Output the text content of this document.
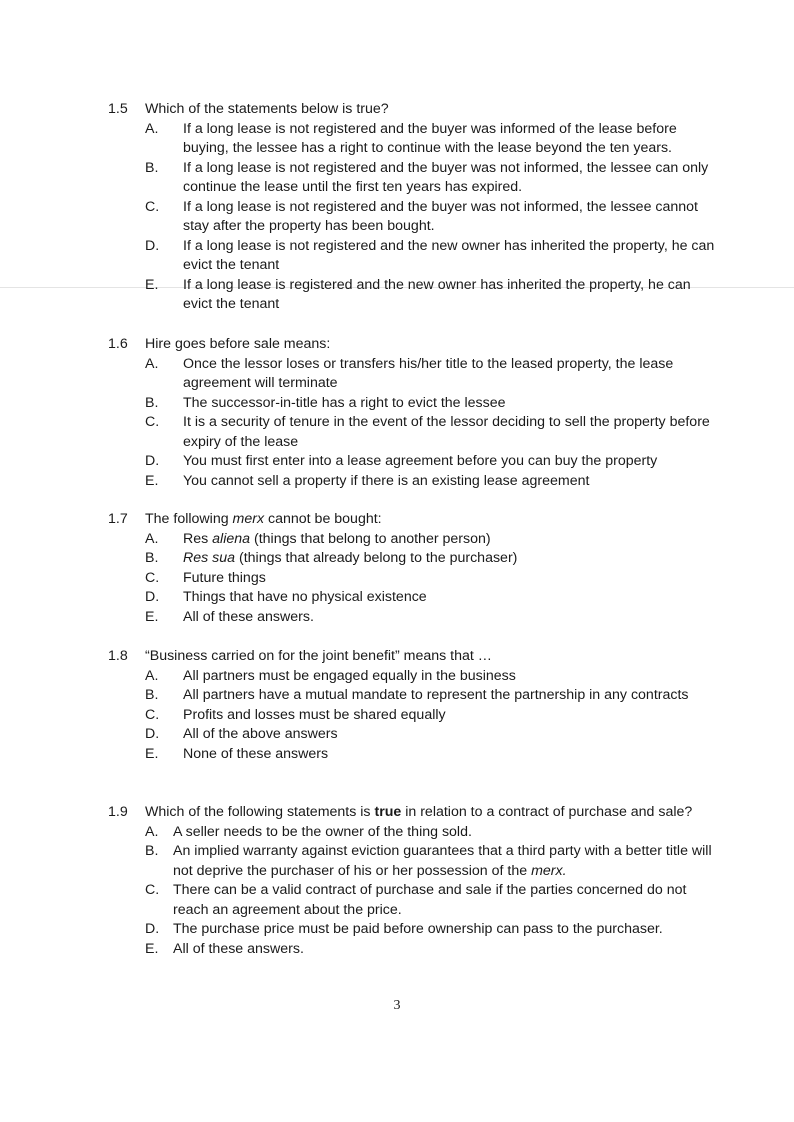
1.5	Which of the statements below is true?
A.	If a long lease is not registered and the buyer was informed of the lease before buying, the lessee has a right to continue with the lease beyond the ten years.
B.	If a long lease is not registered and the buyer was not informed, the lessee can only continue the lease until the first ten years has expired.
C.	If a long lease is not registered and the buyer was not informed, the lessee cannot stay after the property has been bought.
D.	If a long lease is not registered and the new owner has inherited the property, he can evict the tenant
E.	If a long lease is registered and the new owner has inherited the property, he can evict the tenant
1.6	Hire goes before sale means:
A.	Once the lessor loses or transfers his/her title to the leased property, the lease agreement will terminate
B.	The successor-in-title has a right to evict the lessee
C.	It is a security of tenure in the event of the lessor deciding to sell the property before expiry of the lease
D.	You must first enter into a lease agreement before you can buy the property
E.	You cannot sell a property if there is an existing lease agreement
1.7	The following merx cannot be bought:
A.	Res aliena (things that belong to another person)
B.	Res sua (things that already belong to the purchaser)
C.	Future things
D.	Things that have no physical existence
E.	All of these answers.
1.8	“Business carried on for the joint benefit” means that …
A.	All partners must be engaged equally in the business
B.	All partners have a mutual mandate to represent the partnership in any contracts
C.	Profits and losses must be shared equally
D.	All of the above answers
E.	None of these answers
1.9	Which of the following statements is true in relation to a contract of purchase and sale?
A.	A seller needs to be the owner of the thing sold.
B.	An implied warranty against eviction guarantees that a third party with a better title will not deprive the purchaser of his or her possession of the merx.
C. There can be a valid contract of purchase and sale if the parties concerned do not reach an agreement about the price.
D. The purchase price must be paid before ownership can pass to the purchaser.
E.	All of these answers.
3
